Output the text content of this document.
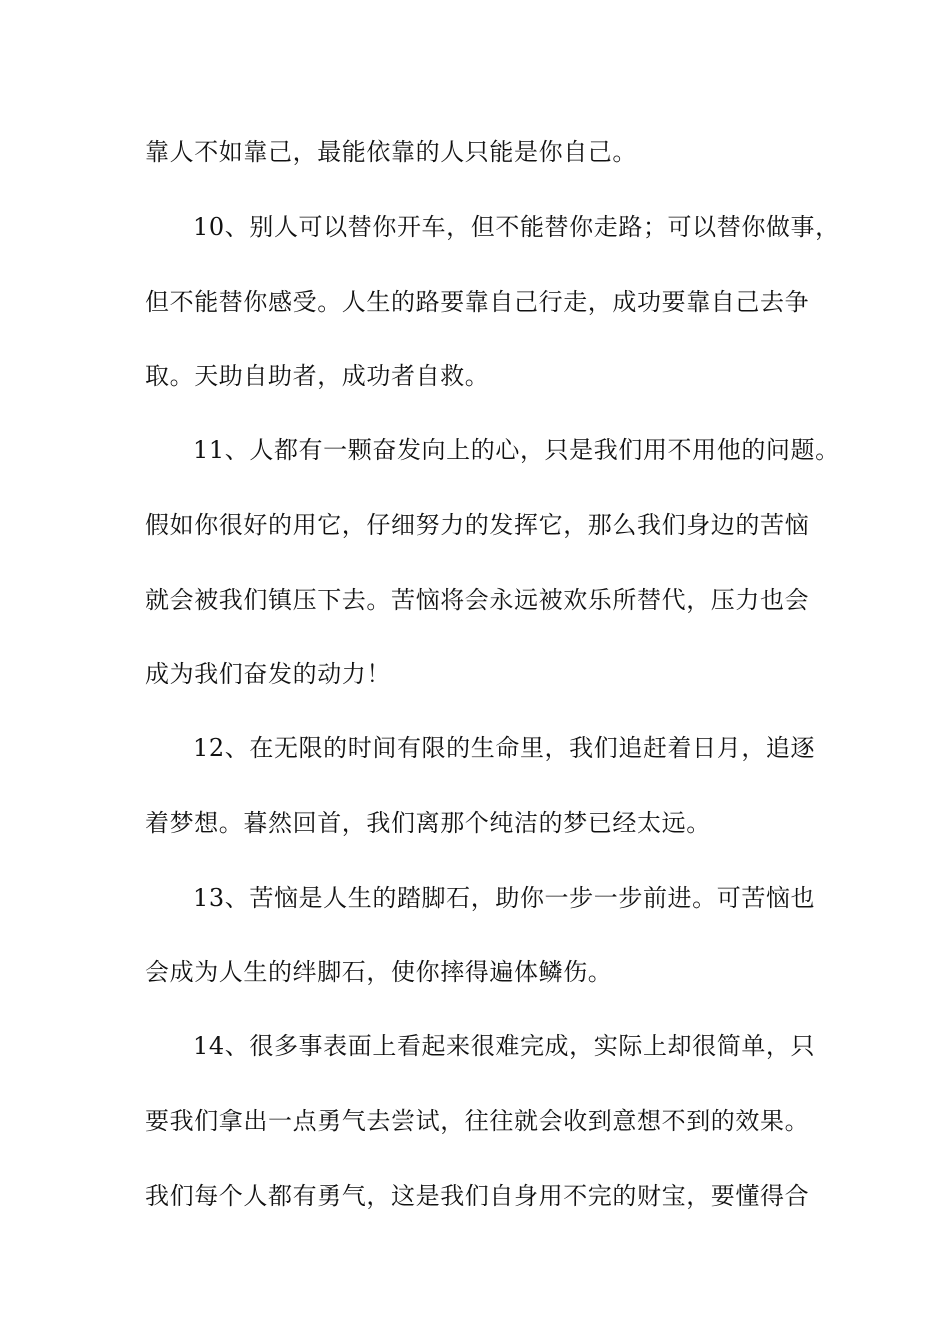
靠人不如靠己，最能依靠的人只能是你自己。

10、别人可以替你开车，但不能替你走路；可以替你做事，

但不能替你感受。人生的路要靠自己行走，成功要靠自己去争

取。天助自助者，成功者自救。

11、人都有一颗奋发向上的心，只是我们用不用他的问题。

假如你很好的用它，仔细努力的发挥它，那么我们身边的苦恼

就会被我们镇压下去。苦恼将会永远被欢乐所替代，压力也会

成为我们奋发的动力！

12、在无限的时间有限的生命里，我们追赶着日月，追逐

着梦想。暮然回首，我们离那个纯洁的梦已经太远。

13、苦恼是人生的踏脚石，助你一步一步前进。可苦恼也

会成为人生的绊脚石，使你摔得遍体鳞伤。

14、很多事表面上看起来很难完成，实际上却很简单，只

要我们拿出一点勇气去尝试，往往就会收到意想不到的效果。

我们每个人都有勇气，这是我们自身用不完的财宝，要懂得合
